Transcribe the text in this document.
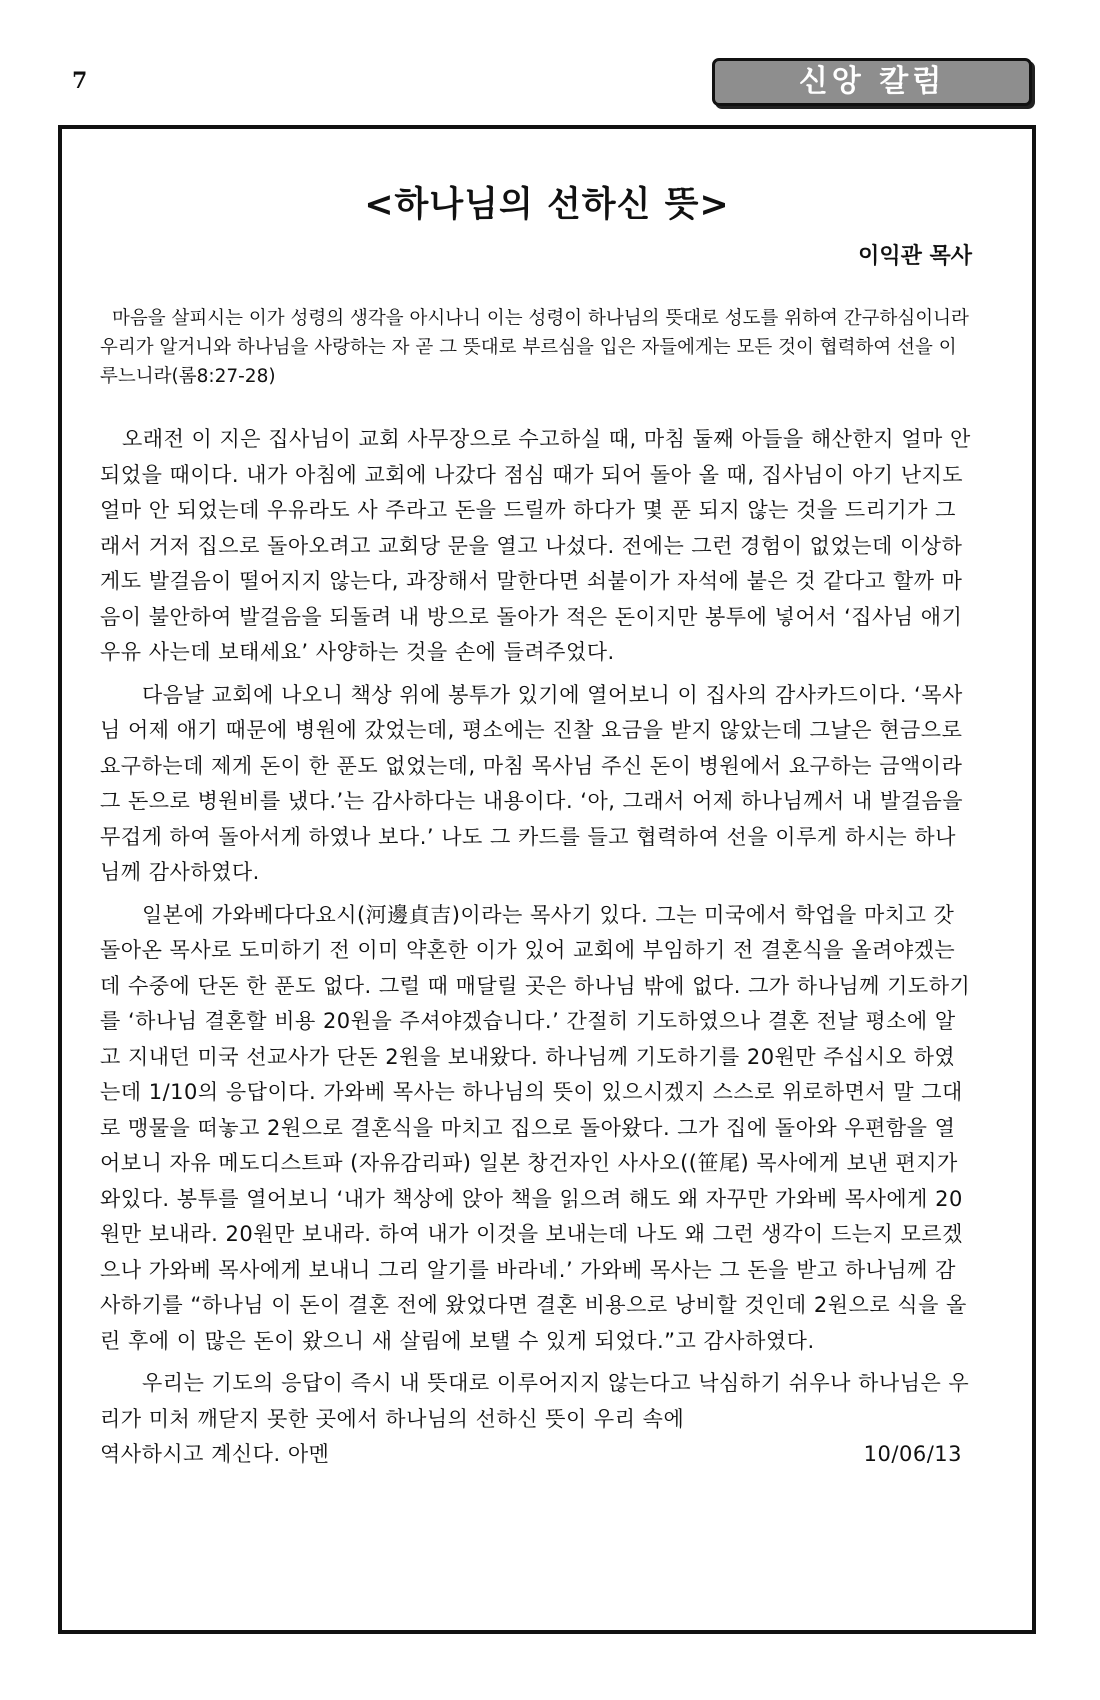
7	신앙 칼럼
<하나님의 선하신 뜻>
이익관 목사
마음을 살피시는 이가 성령의 생각을 아시나니 이는 성령이 하나님의 뜻대로 성도를 위하여 간구하심이니라 우리가 알거니와 하나님을 사랑하는 자 곧 그 뜻대로 부르심을 입은 자들에게는 모든 것이 협력하여 선을 이루느니라(롬8:27-28)

오래전 이 지은 집사님이 교회 사무장으로 수고하실 때, 마침 둘째 아들을 해산한지 얼마 안 되었을 때이다. 내가 아침에 교회에 나갔다 점심 때가 되어 돌아 올 때, 집사님이 아기 난지도 얼마 안 되었는데 우유라도 사 주라고 돈을 드릴까 하다가 몇 푼 되지 않는 것을 드리기가 그래서 거저 집으로 돌아오려고 교회당 문을 열고 나섰다. 전에는 그런 경험이 없었는데 이상하게도 발걸음이 떨어지지 않는다, 과장해서 말한다면 쇠붙이가 자석에 붙은 것 같다고 할까 마음이 불안하여 발걸음을 되돌려 내 방으로 돌아가 적은 돈이지만 봉투에 넣어서 ‘집사님 애기 우유 사는데 보태세요’ 사양하는 것을 손에 들려주었다.

다음날 교회에 나오니 책상 위에 봉투가 있기에 열어보니 이 집사의 감사카드이다. ‘목사님 어제 애기 때문에 병원에 갔었는데, 평소에는 진찰 요금을 받지 않았는데 그날은 현금으로 요구하는데 제게 돈이 한 푼도 없었는데, 마침 목사님 주신 돈이 병원에서 요구하는 금액이라 그 돈으로 병원비를 냈다.’는 감사하다는 내용이다. ‘아, 그래서 어제 하나님께서 내 발걸음을 무겁게 하여 돌아서게 하였나 보다.’ 나도 그 카드를 들고 협력하여 선을 이루게 하시는 하나님께 감사하였다.

일본에 가와베다다요시(河邊貞吉)이라는 목사기 있다. 그는 미국에서 학업을 마치고 갓 돌아온 목사로 도미하기 전 이미 약혼한 이가 있어 교회에 부임하기 전 결혼식을 올려야겠는데 수중에 단돈 한 푼도 없다. 그럴 때 매달릴 곳은 하나님 밖에 없다. 그가 하나님께 기도하기를 ‘하나님 결혼할 비용 20원을 주셔야겠습니다.’ 간절히 기도하였으나 결혼 전날 평소에 알고 지내던 미국 선교사가 단돈 2원을 보내왔다. 하나님께 기도하기를 20원만 주십시오 하였는데 1/10의 응답이다. 가와베 목사는 하나님의 뜻이 있으시겠지 스스로 위로하면서 말 그대로 맹물을 떠놓고 2원으로 결혼식을 마치고 집으로 돌아왔다. 그가 집에 돌아와 우편함을 열어보니 자유 메도디스트파 (자유감리파) 일본 창건자인 사사오((笹尾) 목사에게 보낸 편지가 와있다. 봉투를 열어보니 ‘내가 책상에 앉아 책을 읽으려 해도 왜 자꾸만 가와베 목사에게 20원만 보내라. 20원만 보내라. 하여 내가 이것을 보내는데 나도 왜 그런 생각이 드는지 모르겠으나 가와베 목사에게 보내니 그리 알기를 바라네.’ 가와베 목사는 그 돈을 받고 하나님께 감사하기를 “하나님 이 돈이 결혼 전에 왔었다면 결혼 비용으로 낭비할 것인데 2원으로 식을 올린 후에 이 많은 돈이 왔으니 새 살림에 보탤 수 있게 되었다.”고 감사하였다.

우리는 기도의 응답이 즉시 내 뜻대로 이루어지지 않는다고 낙심하기 쉬우나 하나님은 우리가 미처 깨닫지 못한 곳에서 하나님의 선하신 뜻이 우리 속에

역사하시고 계신다. 아멘	10/06/13
